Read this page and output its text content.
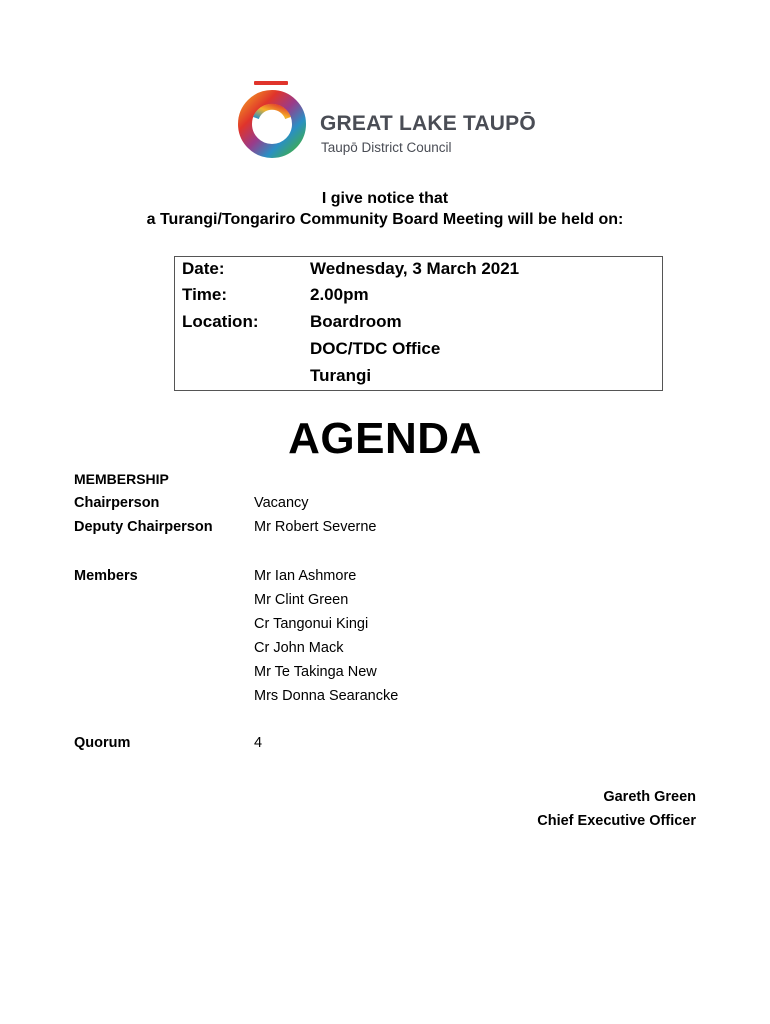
GREAT LAKE TAUPŌ
Taupō District Council
I give notice that
a Turangi/Tongariro Community Board Meeting will be held on:
Date:	Wednesday, 3 March 2021
Time:	2.00pm
Location:	Boardroom
DOC/TDC Office
Turangi
AGENDA
MEMBERSHIP
Chairperson	Vacancy
Deputy Chairperson	Mr Robert Severne
Members	Mr Ian Ashmore
Mr Clint Green
Cr Tangonui Kingi
Cr John Mack
Mr Te Takinga New
Mrs Donna Searancke
Quorum	4
Gareth Green
Chief Executive Officer
